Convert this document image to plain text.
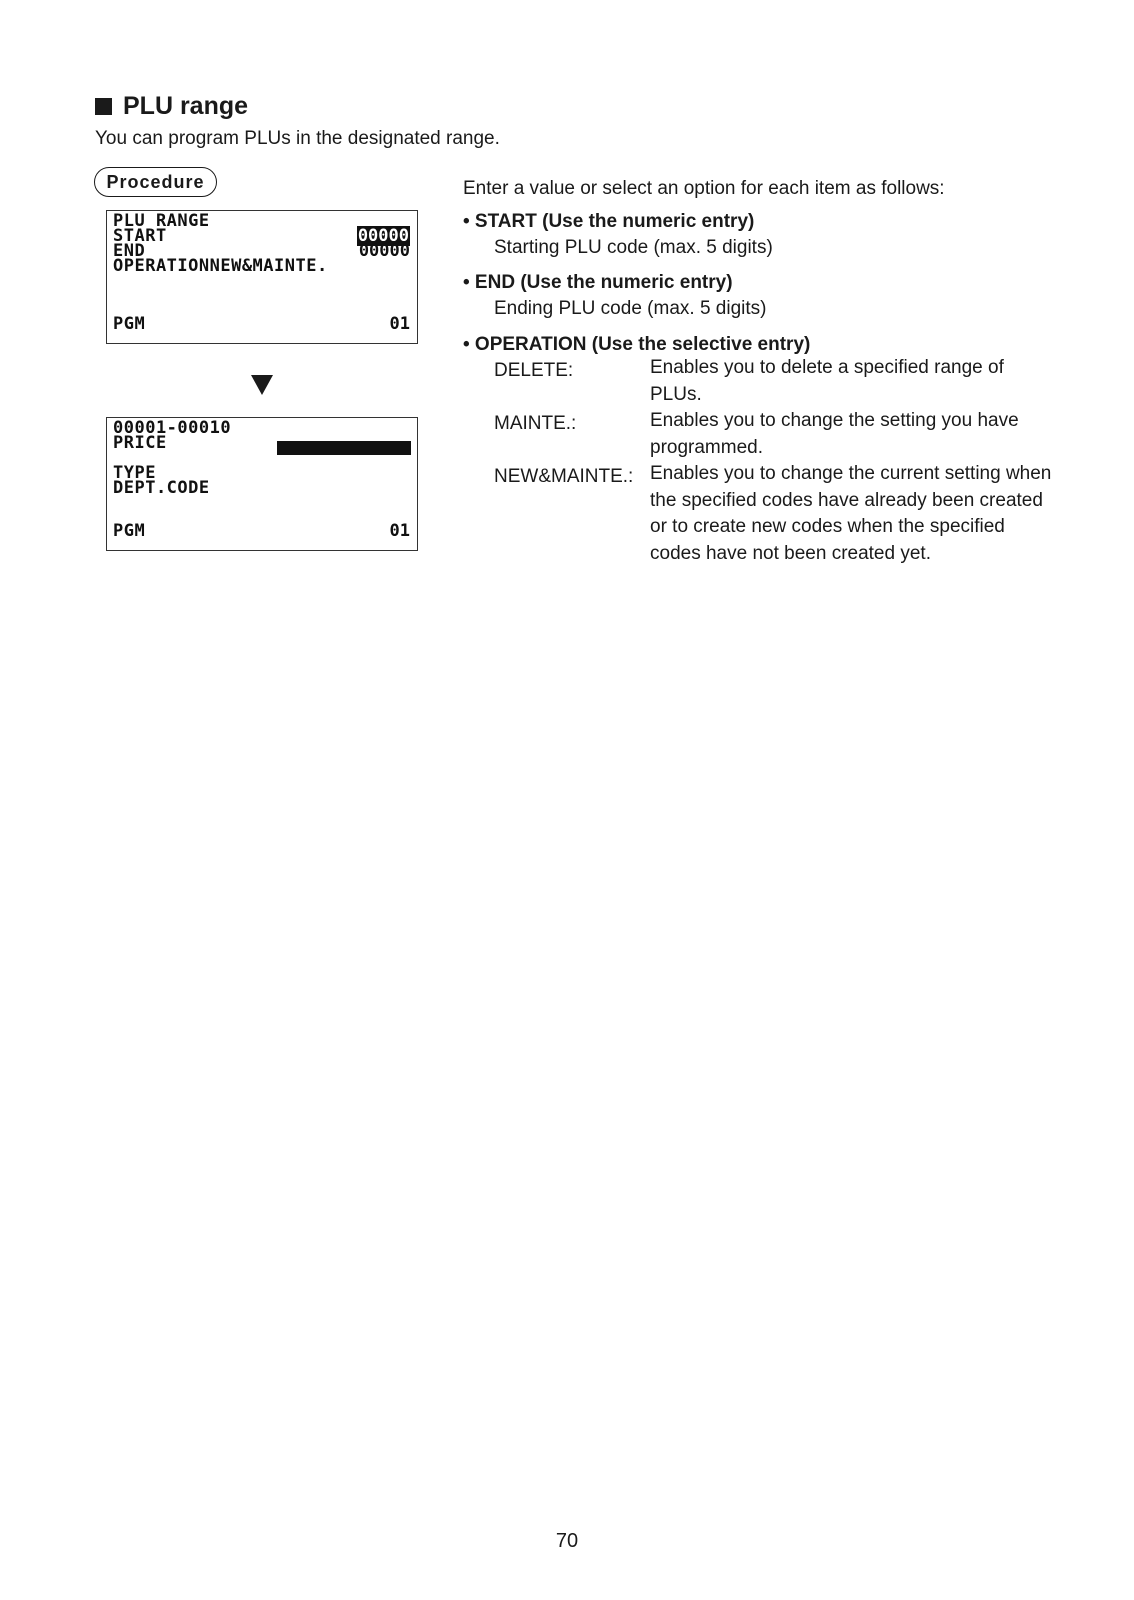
PLU range
You can program PLUs in the designated range.
Procedure
PLU RANGE
START	00000
END	00000
OPERATIONNEW&MAINTE.
PGM	01
00001-00010
PRICE
TYPE
DEPT.CODE
PGM	01
Enter a value or select an option for each item as follows:
• START (Use the numeric entry)
Starting PLU code (max. 5 digits)
• END (Use the numeric entry)
Ending PLU code (max. 5 digits)
• OPERATION (Use the selective entry)
DELETE:	Enables you to delete a specified range of PLUs.
MAINTE.:	Enables you to change the setting you have programmed.
NEW&MAINTE.: Enables you to change the current setting when the specified codes have already been created or to create new codes when the specified codes have not been created yet.
70
